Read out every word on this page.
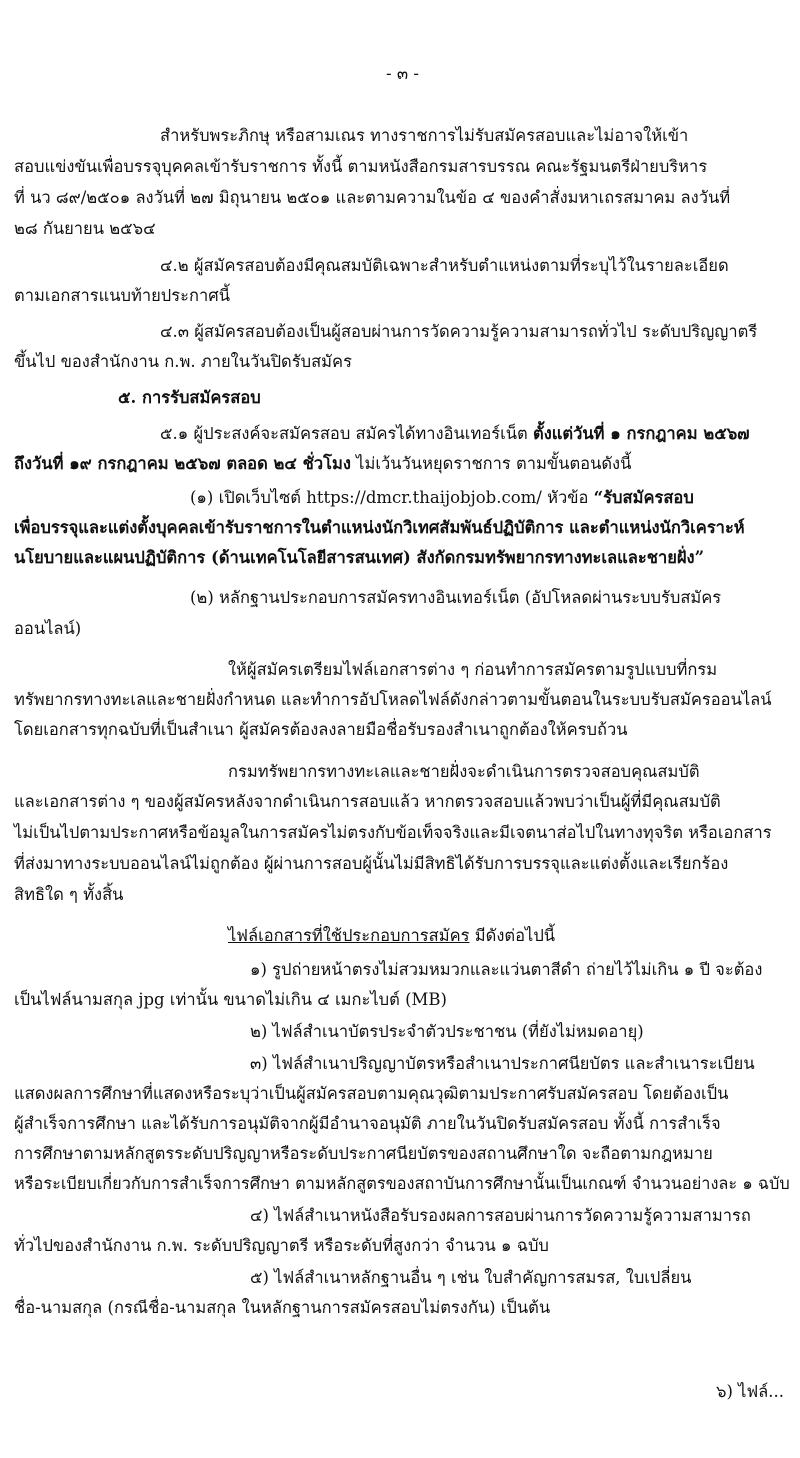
- ๓ -
สำหรับพระภิกษุ หรือสามเณร ทางราชการไม่รับสมัครสอบและไม่อาจให้เข้า
สอบแข่งขันเพื่อบรรจุบุคคลเข้ารับราชการ ทั้งนี้ ตามหนังสือกรมสารบรรณ คณะรัฐมนตรีฝ่ายบริหาร
ที่ นว ๘๙/๒๕๐๑ ลงวันที่ ๒๗ มิถุนายน ๒๕๐๑ และตามความในข้อ ๔ ของคำสั่งมหาเถรสมาคม ลงวันที่
๒๘ กันยายน ๒๕๖๔
๔.๒ ผู้สมัครสอบต้องมีคุณสมบัติเฉพาะสำหรับตำแหน่งตามที่ระบุไว้ในรายละเอียด
ตามเอกสารแนบท้ายประกาศนี้
๔.๓ ผู้สมัครสอบต้องเป็นผู้สอบผ่านการวัดความรู้ความสามารถทั่วไป ระดับปริญญาตรี
ขึ้นไป ของสำนักงาน ก.พ. ภายในวันปิดรับสมัคร
๕. การรับสมัครสอบ
๕.๑ ผู้ประสงค์จะสมัครสอบ สมัครได้ทางอินเทอร์เน็ต ตั้งแต่วันที่ ๑ กรกฎาคม ๒๕๖๗
ถึงวันที่ ๑๙ กรกฎาคม ๒๕๖๗ ตลอด ๒๔ ชั่วโมง ไม่เว้นวันหยุดราชการ ตามขั้นตอนดังนี้
(๑) เปิดเว็บไซต์ https://dmcr.thaijobjob.com/ หัวข้อ “รับสมัครสอบ
เพื่อบรรจุและแต่งตั้งบุคคลเข้ารับราชการในตำแหน่งนักวิเทศสัมพันธ์ปฏิบัติการ และตำแหน่งนักวิเคราะห์
นโยบายและแผนปฏิบัติการ (ด้านเทคโนโลยีสารสนเทศ) สังกัดกรมทรัพยากรทางทะเลและชายฝั่ง”
(๒) หลักฐานประกอบการสมัครทางอินเทอร์เน็ต (อัปโหลดผ่านระบบรับสมัคร
ออนไลน์)
ให้ผู้สมัครเตรียมไฟล์เอกสารต่าง ๆ ก่อนทำการสมัครตามรูปแบบที่กรม
ทรัพยากรทางทะเลและชายฝั่งกำหนด และทำการอัปโหลดไฟล์ดังกล่าวตามขั้นตอนในระบบรับสมัครออนไลน์
โดยเอกสารทุกฉบับที่เป็นสำเนา ผู้สมัครต้องลงลายมือชื่อรับรองสำเนาถูกต้องให้ครบถ้วน
กรมทรัพยากรทางทะเลและชายฝั่งจะดำเนินการตรวจสอบคุณสมบัติ
และเอกสารต่าง ๆ ของผู้สมัครหลังจากดำเนินการสอบแล้ว หากตรวจสอบแล้วพบว่าเป็นผู้ที่มีคุณสมบัติ
ไม่เป็นไปตามประกาศหรือข้อมูลในการสมัครไม่ตรงกับข้อเท็จจริงและมีเจตนาส่อไปในทางทุจริต หรือเอกสาร
ที่ส่งมาทางระบบออนไลน์ไม่ถูกต้อง ผู้ผ่านการสอบผู้นั้นไม่มีสิทธิได้รับการบรรจุและแต่งตั้งและเรียกร้อง
สิทธิใด ๆ ทั้งสิ้น
ไฟล์เอกสารที่ใช้ประกอบการสมัคร มีดังต่อไปนี้
๑) รูปถ่ายหน้าตรงไม่สวมหมวกและแว่นตาสีดำ ถ่ายไว้ไม่เกิน ๑ ปี จะต้อง
เป็นไฟล์นามสกุล jpg เท่านั้น ขนาดไม่เกิน ๔ เมกะไบต์ (MB)
๒) ไฟล์สำเนาบัตรประจำตัวประชาชน (ที่ยังไม่หมดอายุ)
๓) ไฟล์สำเนาปริญญาบัตรหรือสำเนาประกาศนียบัตร และสำเนาระเบียน
แสดงผลการศึกษาที่แสดงหรือระบุว่าเป็นผู้สมัครสอบตามคุณวุฒิตามประกาศรับสมัครสอบ โดยต้องเป็น
ผู้สำเร็จการศึกษา และได้รับการอนุมัติจากผู้มีอำนาจอนุมัติ ภายในวันปิดรับสมัครสอบ ทั้งนี้ การสำเร็จ
การศึกษาตามหลักสูตรระดับปริญญาหรือระดับประกาศนียบัตรของสถานศึกษาใด จะถือตามกฎหมาย
หรือระเบียบเกี่ยวกับการสำเร็จการศึกษา ตามหลักสูตรของสถาบันการศึกษานั้นเป็นเกณฑ์ จำนวนอย่างละ ๑ ฉบับ
๔) ไฟล์สำเนาหนังสือรับรองผลการสอบผ่านการวัดความรู้ความสามารถ
ทั่วไปของสำนักงาน ก.พ. ระดับปริญญาตรี หรือระดับที่สูงกว่า จำนวน ๑ ฉบับ
๕) ไฟล์สำเนาหลักฐานอื่น ๆ เช่น ใบสำคัญการสมรส, ใบเปลี่ยน
ชื่อ-นามสกุล (กรณีชื่อ-นามสกุล ในหลักฐานการสมัครสอบไม่ตรงกัน) เป็นต้น
๖) ไฟล์...
